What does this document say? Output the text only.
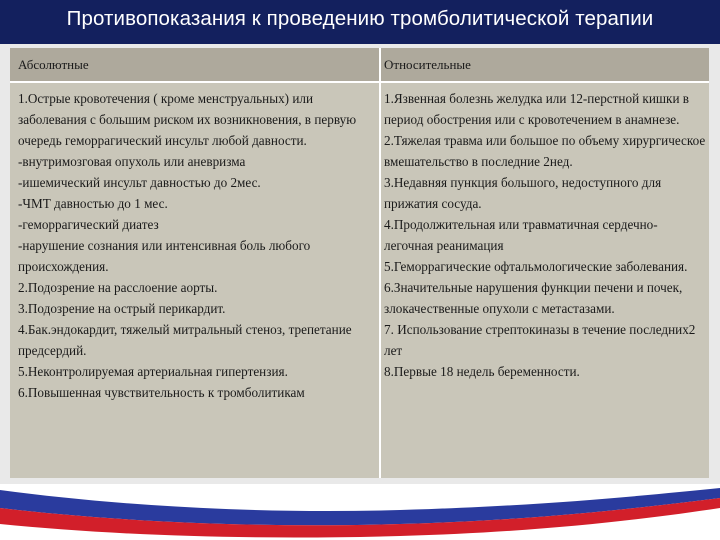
Противопоказания к проведению тромболитической терапии
Абсолютные	Относительные
1.Острые кровотечения ( кроме менструальных) или заболевания с большим риском их возникновения, в первую очередь геморрагический инсульт любой давности.
-внутримозговая опухоль или аневризма
-ишемический инсульт давностью до 2мес.
-ЧМТ давностью до 1 мес.
-геморрагический диатез
-нарушение сознания или интенсивная боль любого происхождения.
2.Подозрение на расслоение аорты.
3.Подозрение на острый перикардит.
4.Бак.эндокардит, тяжелый митральный стеноз, трепетание предсердий.
5.Неконтролируемая артериальная гипертензия.
6.Повышенная чувствительность к тромболитикам
1.Язвенная болезнь желудка или 12-перстной кишки в период обострения или с кровотечением в анамнезе.
2.Тяжелая травма или большое по объему хирургическое вмешательство в последние 2нед.
3.Недавняя пункция большого, недоступного для прижатия сосуда.
4.Продолжительная или травматичная сердечно-легочная реанимация
5.Геморрагические офтальмологические заболевания.
6.Значительные нарушения функции печени и почек, злокачественные опухоли с метастазами.
7. Использование стрептокиназы в течение последних2 лет
8.Первые 18 недель беременности.
